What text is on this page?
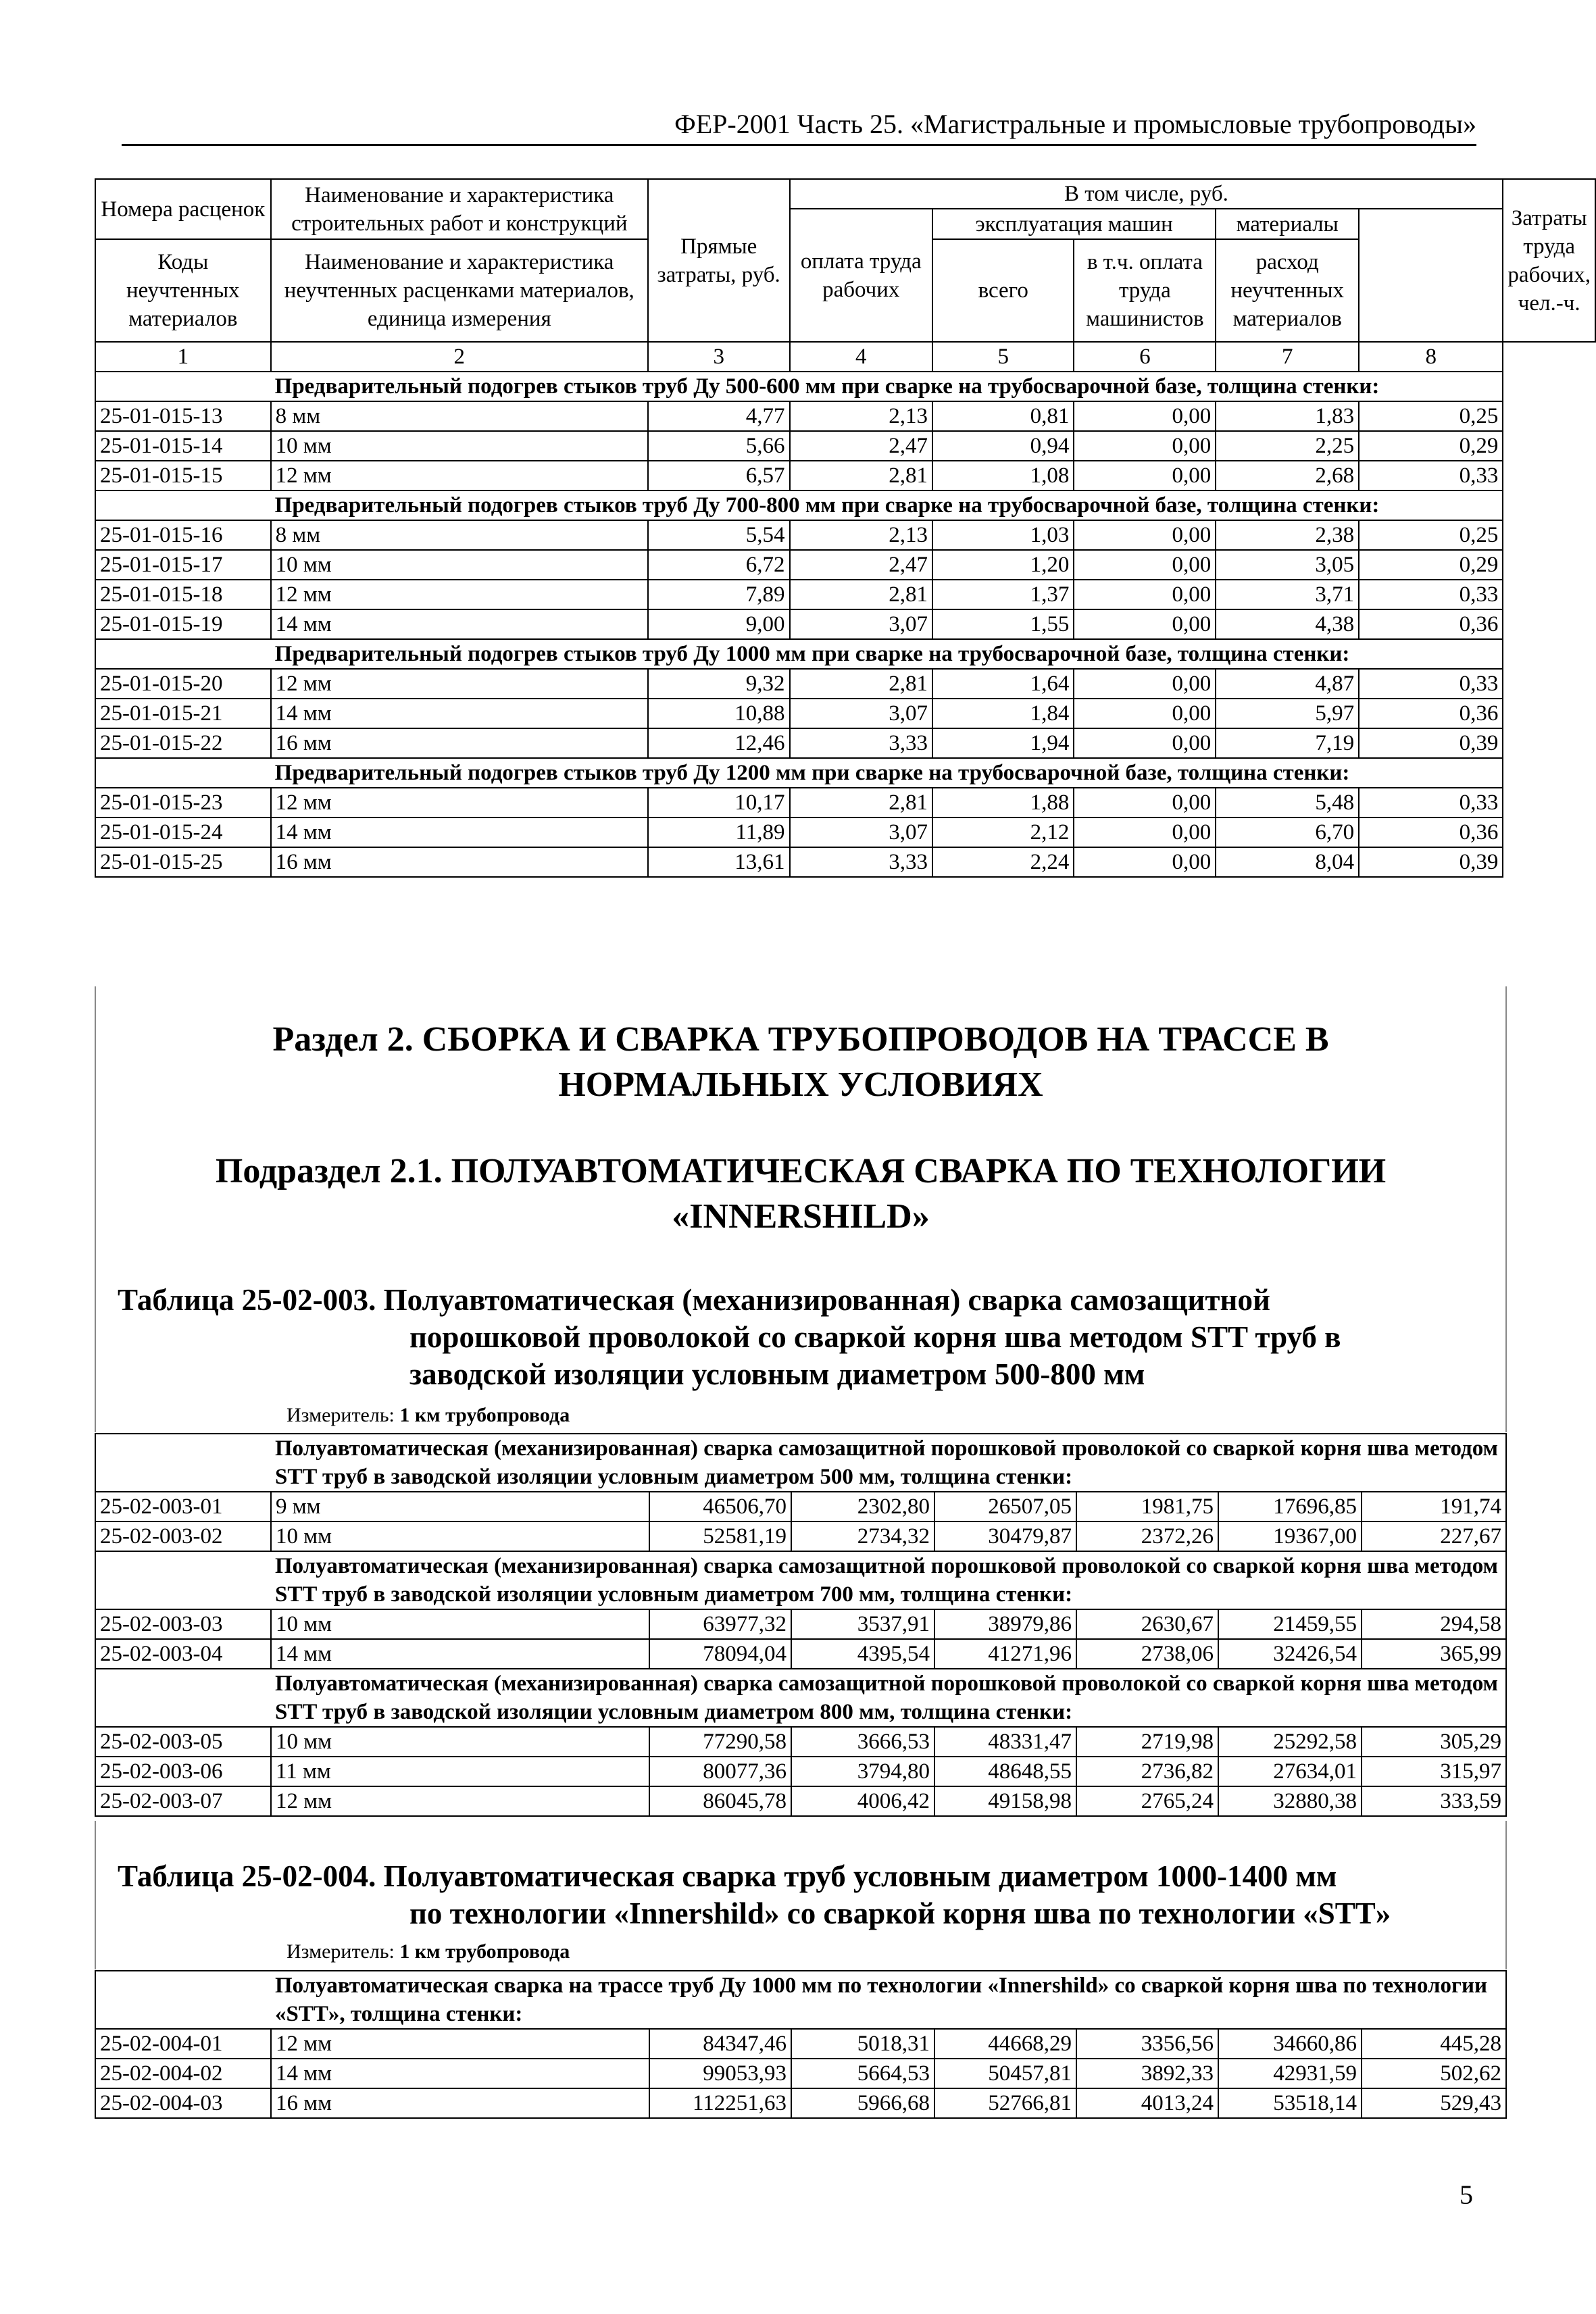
ФЕР-2001 Часть 25. «Магистральные и промысловые трубопроводы»
Номера расценок	Наименование и характеристика строительных работ и конструкций	Прямые затраты, руб.	В том числе, руб.					Затраты труда рабочих, чел.-ч.
			оплата труда рабочих	эксплуатация машин		материалы		
Коды неучтенных материалов	Наименование и характеристика неучтенных расценками материалов, единица измерения			всего	в т.ч. оплата труда машинистов	расход неучтенных материалов		

1	2	3	4	5	6	7	8	
	Предварительный подогрев стыков труб Ду 500-600 мм при сварке на трубосварочной базе, толщина стенки:							
25-01-015-13	8 мм	4,77	2,13	0,81	0,00	1,83	0,25	
25-01-015-14	10 мм	5,66	2,47	0,94	0,00	2,25	0,29	
25-01-015-15	12 мм	6,57	2,81	1,08	0,00	2,68	0,33	
	Предварительный подогрев стыков труб Ду 700-800 мм при сварке на трубосварочной базе, толщина стенки:							
25-01-015-16	8 мм	5,54	2,13	1,03	0,00	2,38	0,25	
25-01-015-17	10 мм	6,72	2,47	1,20	0,00	3,05	0,29	
25-01-015-18	12 мм	7,89	2,81	1,37	0,00	3,71	0,33	
25-01-015-19	14 мм	9,00	3,07	1,55	0,00	4,38	0,36	
	Предварительный подогрев стыков труб Ду 1000 мм при сварке на трубосварочной базе, толщина стенки:							
25-01-015-20	12 мм	9,32	2,81	1,64	0,00	4,87	0,33	
25-01-015-21	14 мм	10,88	3,07	1,84	0,00	5,97	0,36	
25-01-015-22	16 мм	12,46	3,33	1,94	0,00	7,19	0,39	
	Предварительный подогрев стыков труб Ду 1200 мм при сварке на трубосварочной базе, толщина стенки:							
25-01-015-23	12 мм	10,17	2,81	1,88	0,00	5,48	0,33	
25-01-015-24	14 мм	11,89	3,07	2,12	0,00	6,70	0,36	
25-01-015-25	16 мм	13,61	3,33	2,24	0,00	8,04	0,39	
Раздел 2. СБОРКА И СВАРКА ТРУБОПРОВОДОВ НА ТРАССЕ В
НОРМАЛЬНЫХ УСЛОВИЯХ
Подраздел 2.1. ПОЛУАВТОМАТИЧЕСКАЯ СВАРКА ПО ТЕХНОЛОГИИ
«INNERSHILD»
Таблица 25-02-003. Полуавтоматическая (механизированная) сварка самозащитной
порошковой проволокой со сваркой корня шва методом STT труб в
заводской изоляции условным диаметром 500-800 мм
Измеритель: 1 км трубопровода
	Полуавтоматическая (механизированная) сварка самозащитной порошковой проволокой со сваркой корня шва методом STT труб в заводской изоляции условным диаметром 500 мм, толщина стенки:						
25-02-003-01	9 мм	46506,70	2302,80	26507,05	1981,75	17696,85	191,74
25-02-003-02	10 мм	52581,19	2734,32	30479,87	2372,26	19367,00	227,67
	Полуавтоматическая (механизированная) сварка самозащитной порошковой проволокой со сваркой корня шва методом STT труб в заводской изоляции условным диаметром 700 мм, толщина стенки:						
25-02-003-03	10 мм	63977,32	3537,91	38979,86	2630,67	21459,55	294,58
25-02-003-04	14 мм	78094,04	4395,54	41271,96	2738,06	32426,54	365,99
	Полуавтоматическая (механизированная) сварка самозащитной порошковой проволокой со сваркой корня шва методом STT труб в заводской изоляции условным диаметром 800 мм, толщина стенки:						
25-02-003-05	10 мм	77290,58	3666,53	48331,47	2719,98	25292,58	305,29
25-02-003-06	11 мм	80077,36	3794,80	48648,55	2736,82	27634,01	315,97
25-02-003-07	12 мм	86045,78	4006,42	49158,98	2765,24	32880,38	333,59
Таблица 25-02-004. Полуавтоматическая сварка труб условным диаметром 1000-1400 мм
по технологии «Innershild» со сваркой корня шва по технологии «STT»
Измеритель: 1 км трубопровода
	Полуавтоматическая сварка на трассе труб Ду 1000 мм по технологии «Innershild» со сваркой корня шва по технологии «STT», толщина стенки:						
25-02-004-01	12 мм	84347,46	5018,31	44668,29	3356,56	34660,86	445,28
25-02-004-02	14 мм	99053,93	5664,53	50457,81	3892,33	42931,59	502,62
25-02-004-03	16 мм	112251,63	5966,68	52766,81	4013,24	53518,14	529,43
5
